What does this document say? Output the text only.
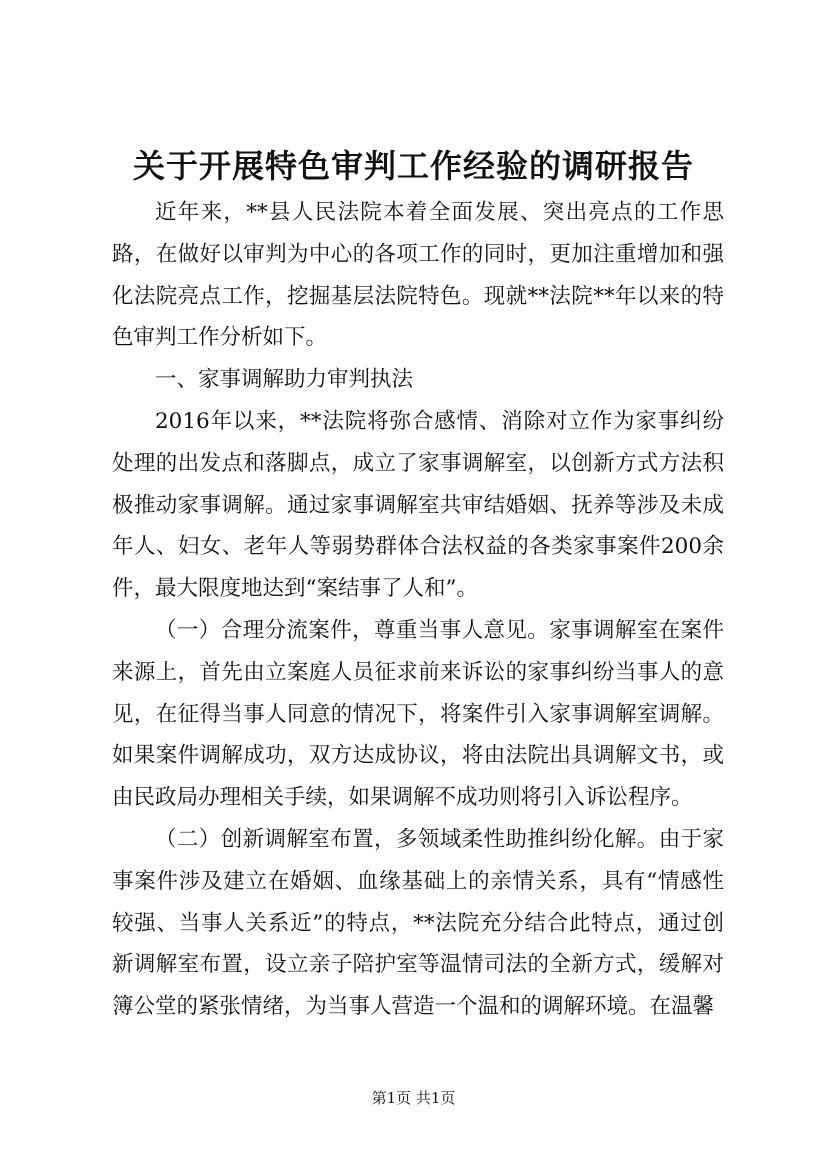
关于开展特色审判工作经验的调研报告

近年来，**县人民法院本着全面发展、突出亮点的工作思路，在做好以审判为中心的各项工作的同时，更加注重增加和强化法院亮点工作，挖掘基层法院特色。现就**法院**年以来的特色审判工作分析如下。

一、家事调解助力审判执法

2016年以来，**法院将弥合感情、消除对立作为家事纠纷处理的出发点和落脚点，成立了家事调解室，以创新方式方法积极推动家事调解。通过家事调解室共审结婚姻、抚养等涉及未成年人、妇女、老年人等弱势群体合法权益的各类家事案件200余件，最大限度地达到“案结事了人和”。

（一）合理分流案件，尊重当事人意见。家事调解室在案件来源上，首先由立案庭人员征求前来诉讼的家事纠纷当事人的意见，在征得当事人同意的情况下，将案件引入家事调解室调解。如果案件调解成功，双方达成协议，将由法院出具调解文书，或由民政局办理相关手续，如果调解不成功则将引入诉讼程序。

（二）创新调解室布置，多领域柔性助推纠纷化解。由于家事案件涉及建立在婚姻、血缘基础上的亲情关系，具有“情感性较强、当事人关系近”的特点，**法院充分结合此特点，通过创新调解室布置，设立亲子陪护室等温情司法的全新方式，缓解对簿公堂的紧张情绪，为当事人营造一个温和的调解环境。在温馨

第1页 共1页
